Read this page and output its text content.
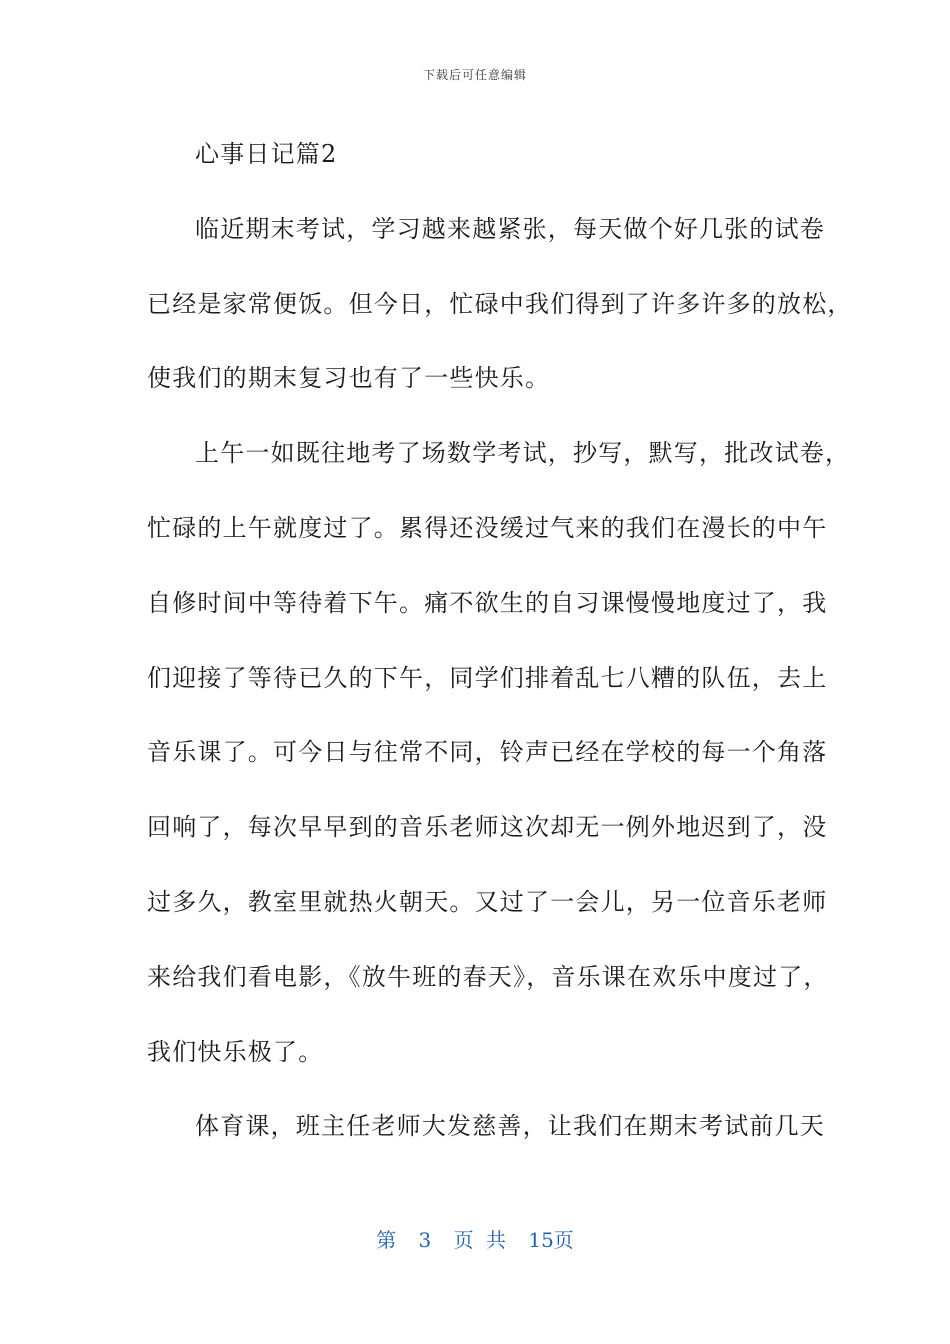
下载后可任意编辑
心事日记篇2
临近期末考试，学习越来越紧张，每天做个好几张的试卷
已经是家常便饭。但今日，忙碌中我们得到了许多许多的放松，
使我们的期末复习也有了一些快乐。
上午一如既往地考了场数学考试，抄写，默写，批改试卷，
忙碌的上午就度过了。累得还没缓过气来的我们在漫长的中午
自修时间中等待着下午。痛不欲生的自习课慢慢地度过了，我
们迎接了等待已久的下午，同学们排着乱七八糟的队伍，去上
音乐课了。可今日与往常不同，铃声已经在学校的每一个角落
回响了，每次早早到的音乐老师这次却无一例外地迟到了，没
过多久，教室里就热火朝天。又过了一会儿，另一位音乐老师
来给我们看电影，《放牛班的春天》，音乐课在欢乐中度过了，
我们快乐极了。
体育课，班主任老师大发慈善，让我们在期末考试前几天
第 3 页 共 15页
